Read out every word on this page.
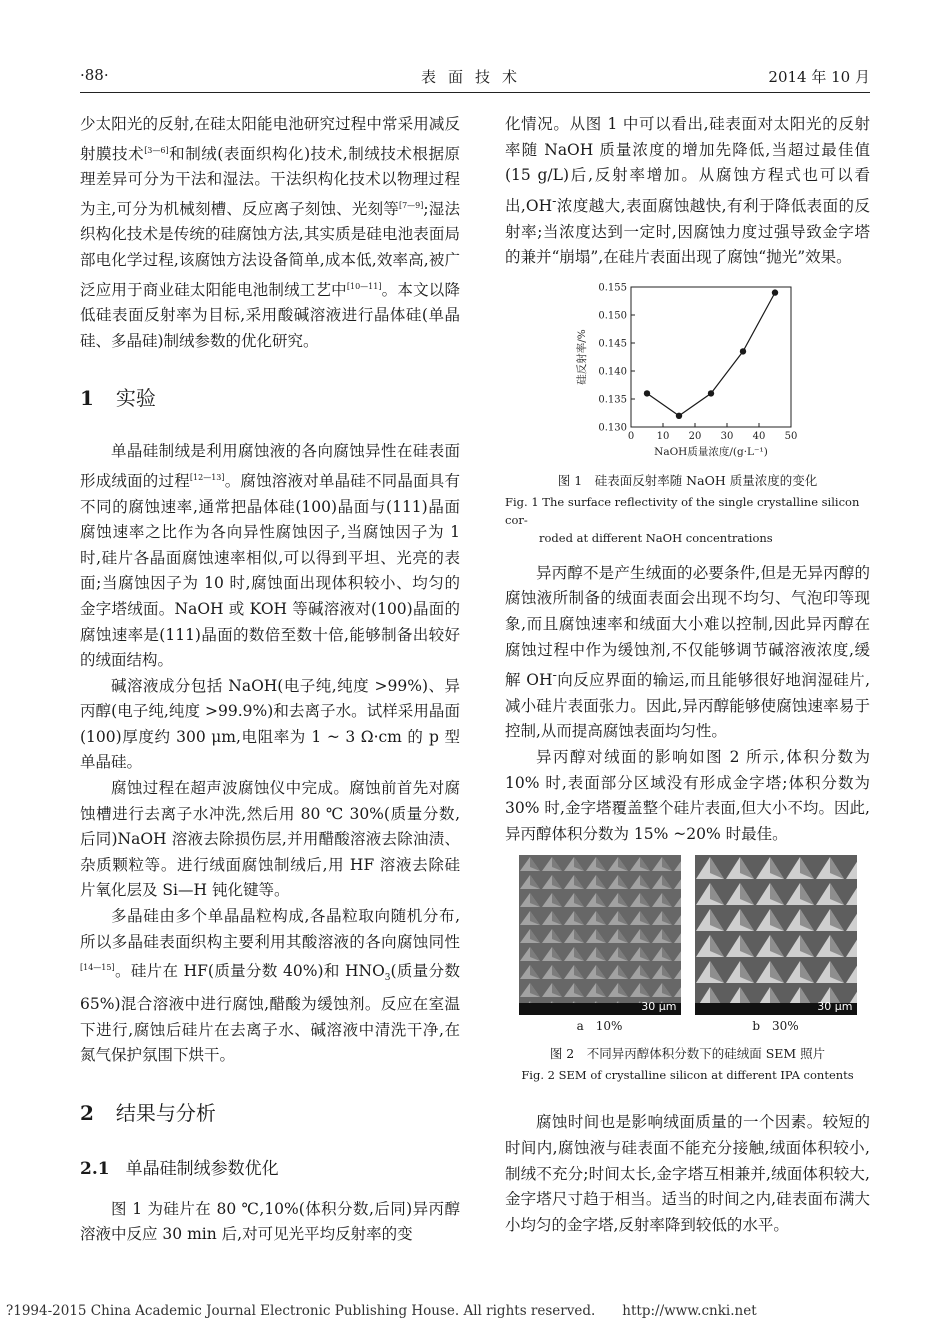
·88·	表面技术	2014 年 10 月

少太阳光的反射,在硅太阳能电池研究过程中常采用减反射膜技术[3—6]和制绒(表面织构化)技术,制绒技术根据原理差异可分为干法和湿法。干法织构化技术以物理过程为主,可分为机械刻槽、反应离子刻蚀、光刻等[7—9];湿法织构化技术是传统的硅腐蚀方法,其实质是硅电池表面局部电化学过程,该腐蚀方法设备简单,成本低,效率高,被广泛应用于商业硅太阳能电池制绒工艺中[10—11]。本文以降低硅表面反射率为目标,采用酸碱溶液进行晶体硅(单晶硅、多晶硅)制绒参数的优化研究。

1 实验

单晶硅制绒是利用腐蚀液的各向腐蚀异性在硅表面形成绒面的过程[12—13]。腐蚀溶液对单晶硅不同晶面具有不同的腐蚀速率,通常把晶体硅(100)晶面与(111)晶面腐蚀速率之比作为各向异性腐蚀因子,当腐蚀因子为 1 时,硅片各晶面腐蚀速率相似,可以得到平坦、光亮的表面;当腐蚀因子为 10 时,腐蚀面出现体积较小、均匀的金字塔绒面。NaOH 或 KOH 等碱溶液对(100)晶面的腐蚀速率是(111)晶面的数倍至数十倍,能够制备出较好的绒面结构。

碱溶液成分包括 NaOH(电子纯,纯度 >99%)、异丙醇(电子纯,纯度 >99.9%)和去离子水。试样采用晶面(100)厚度约 300 μm,电阻率为 1 ~ 3 Ω·cm 的 p 型单晶硅。

腐蚀过程在超声波腐蚀仪中完成。腐蚀前首先对腐蚀槽进行去离子水冲洗,然后用 80 ℃ 30%(质量分数,后同)NaOH 溶液去除损伤层,并用醋酸溶液去除油渍、杂质颗粒等。进行绒面腐蚀制绒后,用 HF 溶液去除硅片氧化层及 Si—H 钝化键等。

多晶硅由多个单晶晶粒构成,各晶粒取向随机分布,所以多晶硅表面织构主要利用其酸溶液的各向腐蚀同性[14—15]。硅片在 HF(质量分数 40%)和 $HNO_3$(质量分数 65%)混合溶液中进行腐蚀,醋酸为缓蚀剂。反应在室温下进行,腐蚀后硅片在去离子水、碱溶液中清洗干净,在氮气保护氛围下烘干。

2 结果与分析
2.1 单晶硅制绒参数优化

图 1 为硅片在 80 ℃,10%(体积分数,后同)异丙醇溶液中反应 30 min 后,对可见光平均反射率的变

化情况。从图 1 中可以看出,硅表面对太阳光的反射率随 NaOH 质量浓度的增加先降低,当超过最佳值(15 g/L)后,反射率增加。从腐蚀方程式也可以看出,OH-浓度越大,表面腐蚀越快,有利于降低表面的反射率;当浓度达到一定时,因腐蚀力度过强导致金字塔的兼并“崩塌”,在硅片表面出现了腐蚀“抛光”效果。

0 10 20 30 40 50
0.130
0.135
0.140
0.145
0.150
0.155
NaOH质量浓度/(g·L⁻¹)
硅反射率/%
图 1　硅表面反射率随 NaOH 质量浓度的变化
Fig. 1 The surface reflectivity of the single crystalline silicon cor-
roded at different NaOH concentrations

异丙醇不是产生绒面的必要条件,但是无异丙醇的腐蚀液所制备的绒面表面会出现不均匀、气泡印等现象,而且腐蚀速率和绒面大小难以控制,因此异丙醇在腐蚀过程中作为缓蚀剂,不仅能够调节碱溶液浓度,缓解 OH-向反应界面的输运,而且能够很好地润湿硅片,减小硅片表面张力。因此,异丙醇能够使腐蚀速率易于控制,从而提高腐蚀表面均匀性。

异丙醇对绒面的影响如图 2 所示,体积分数为 10% 时,表面部分区域没有形成金字塔;体积分数为 30% 时,金字塔覆盖整个硅片表面,但大小不均。因此,异丙醇体积分数为 15% ~20% 时最佳。

30 μm	30 μm
a　10%	b　30%
图 2　不同异丙醇体积分数下的硅绒面 SEM 照片
Fig. 2 SEM of crystalline silicon at different IPA contents

腐蚀时间也是影响绒面质量的一个因素。较短的时间内,腐蚀液与硅表面不能充分接触,绒面体积较小,制绒不充分;时间太长,金字塔互相兼并,绒面体积较大,金字塔尺寸趋于相当。适当的时间之内,硅表面布满大小均匀的金字塔,反射率降到较低的水平。

?1994-2015 China Academic Journal Electronic Publishing House. All rights reserved.　　http://www.cnki.net
